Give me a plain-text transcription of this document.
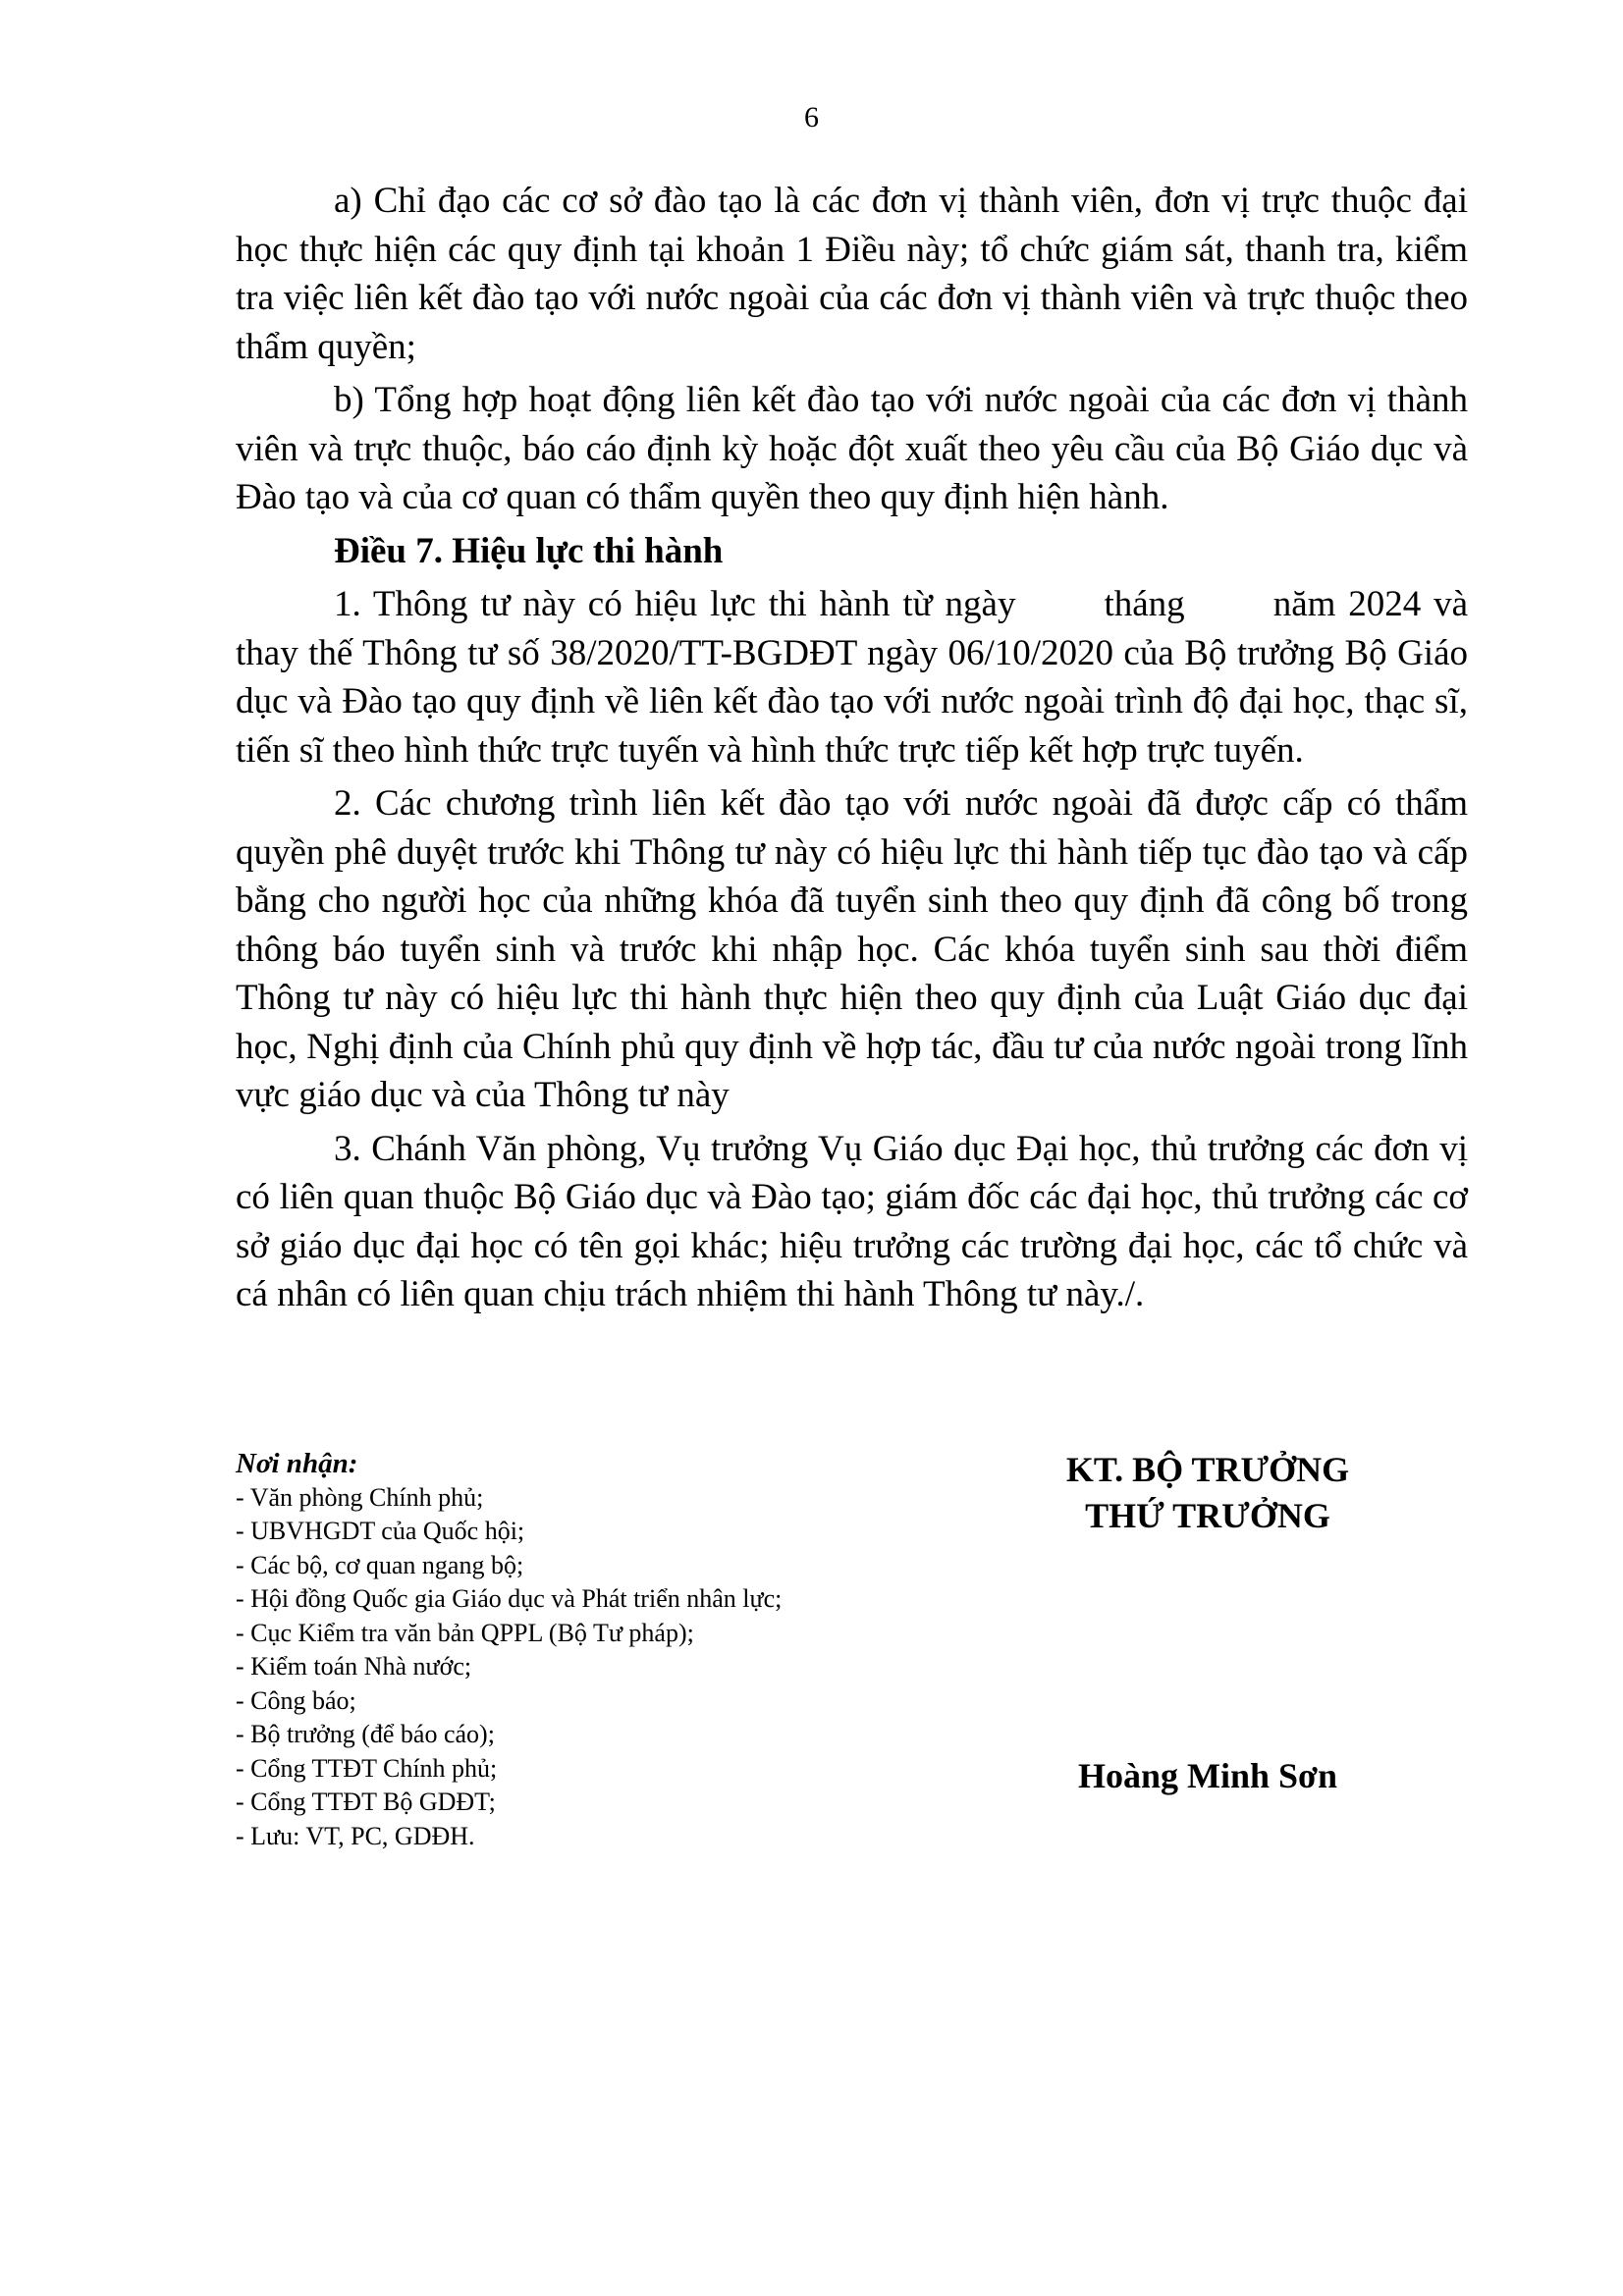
6

a) Chỉ đạo các cơ sở đào tạo là các đơn vị thành viên, đơn vị trực thuộc đại học thực hiện các quy định tại khoản 1 Điều này; tổ chức giám sát, thanh tra, kiểm tra việc liên kết đào tạo với nước ngoài của các đơn vị thành viên và trực thuộc theo thẩm quyền;

b) Tổng hợp hoạt động liên kết đào tạo với nước ngoài của các đơn vị thành viên và trực thuộc, báo cáo định kỳ hoặc đột xuất theo yêu cầu của Bộ Giáo dục và Đào tạo và của cơ quan có thẩm quyền theo quy định hiện hành.

Điều 7. Hiệu lực thi hành

1. Thông tư này có hiệu lực thi hành từ ngày tháng năm 2024 và thay thế Thông tư số 38/2020/TT-BGDĐT ngày 06/10/2020 của Bộ trưởng Bộ Giáo dục và Đào tạo quy định về liên kết đào tạo với nước ngoài trình độ đại học, thạc sĩ, tiến sĩ theo hình thức trực tuyến và hình thức trực tiếp kết hợp trực tuyến.

2. Các chương trình liên kết đào tạo với nước ngoài đã được cấp có thẩm quyền phê duyệt trước khi Thông tư này có hiệu lực thi hành tiếp tục đào tạo và cấp bằng cho người học của những khóa đã tuyển sinh theo quy định đã công bố trong thông báo tuyển sinh và trước khi nhập học. Các khóa tuyển sinh sau thời điểm Thông tư này có hiệu lực thi hành thực hiện theo quy định của Luật Giáo dục đại học, Nghị định của Chính phủ quy định về hợp tác, đầu tư của nước ngoài trong lĩnh vực giáo dục và của Thông tư này

3. Chánh Văn phòng, Vụ trưởng Vụ Giáo dục Đại học, thủ trưởng các đơn vị có liên quan thuộc Bộ Giáo dục và Đào tạo; giám đốc các đại học, thủ trưởng các cơ sở giáo dục đại học có tên gọi khác; hiệu trưởng các trường đại học, các tổ chức và cá nhân có liên quan chịu trách nhiệm thi hành Thông tư này./.

Nơi nhận:
- Văn phòng Chính phủ;
- UBVHGDT của Quốc hội;
- Các bộ, cơ quan ngang bộ;
- Hội đồng Quốc gia Giáo dục và Phát triển nhân lực;
- Cục Kiểm tra văn bản QPPL (Bộ Tư pháp);
- Kiểm toán Nhà nước;
- Công báo;
- Bộ trưởng (để báo cáo);
- Cổng TTĐT Chính phủ;
- Cổng TTĐT Bộ GDĐT;
- Lưu: VT, PC, GDĐH.
KT. BỘ TRƯỞNG
THỨ TRƯỞNG
Hoàng Minh Sơn
